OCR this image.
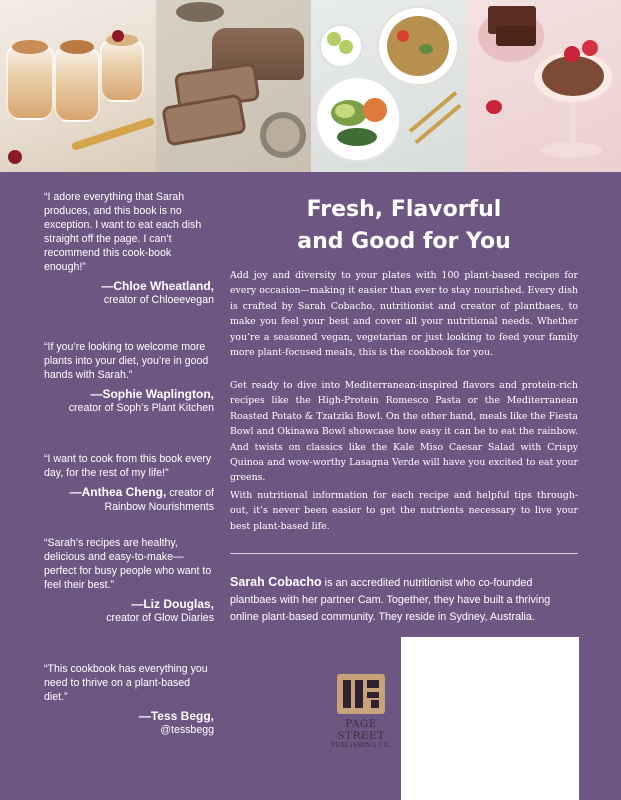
“I adore everything that Sarah produces, and this book is no exception. I want to eat each dish straight off the page. I can’t recommend this cook-book enough!”

—Chloe Wheatland,
creator of Chloeevegan

“If you’re looking to welcome more plants into your diet, you’re in good hands with Sarah.”

—Sophie Waplington,
creator of Soph’s Plant Kitchen

“I want to cook from this book every day, for the rest of my life!”

—Anthea Cheng, creator of
Rainbow Nourishments

“Sarah’s recipes are healthy, delicious and easy-to-make—perfect for busy people who want to feel their best.”

—Liz Douglas,
creator of Glow Diaries

“This cookbook has everything you need to thrive on a plant-based diet.”

—Tess Begg,
@tessbegg
Fresh, Flavorful
and Good for You

Add joy and diversity to your plates with 100 plant-based recipes for every occasion—making it easier than ever to stay nourished. Every dish is crafted by Sarah Cobacho, nutritionist and creator of plantbaes, to make you feel your best and cover all your nutritional needs. Whether you’re a seasoned vegan, vegetarian or just looking to feed your family more plant-focused meals, this is the cookbook for you.

Get ready to dive into Mediterranean-inspired flavors and protein-rich recipes like the High-Protein Romesco Pasta or the Mediterranean Roasted Potato & Tzatziki Bowl. On the other hand, meals like the Fiesta Bowl and Okinawa Bowl showcase how easy it can be to eat the rainbow. And twists on classics like the Kale Miso Caesar Salad with Crispy Quinoa and wow-worthy Lasagna Verde will have you excited to eat your greens.

With nutritional information for each recipe and helpful tips through-out, it’s never been easier to get the nutrients necessary to live your best plant-based life.

Sarah Cobacho is an accredited nutritionist who co-founded plantbaes with her partner Cam. Together, they have built a thriving online plant-based community. They reside in Sydney, Australia.

PAGE STREET
PUBLISHING CO.
